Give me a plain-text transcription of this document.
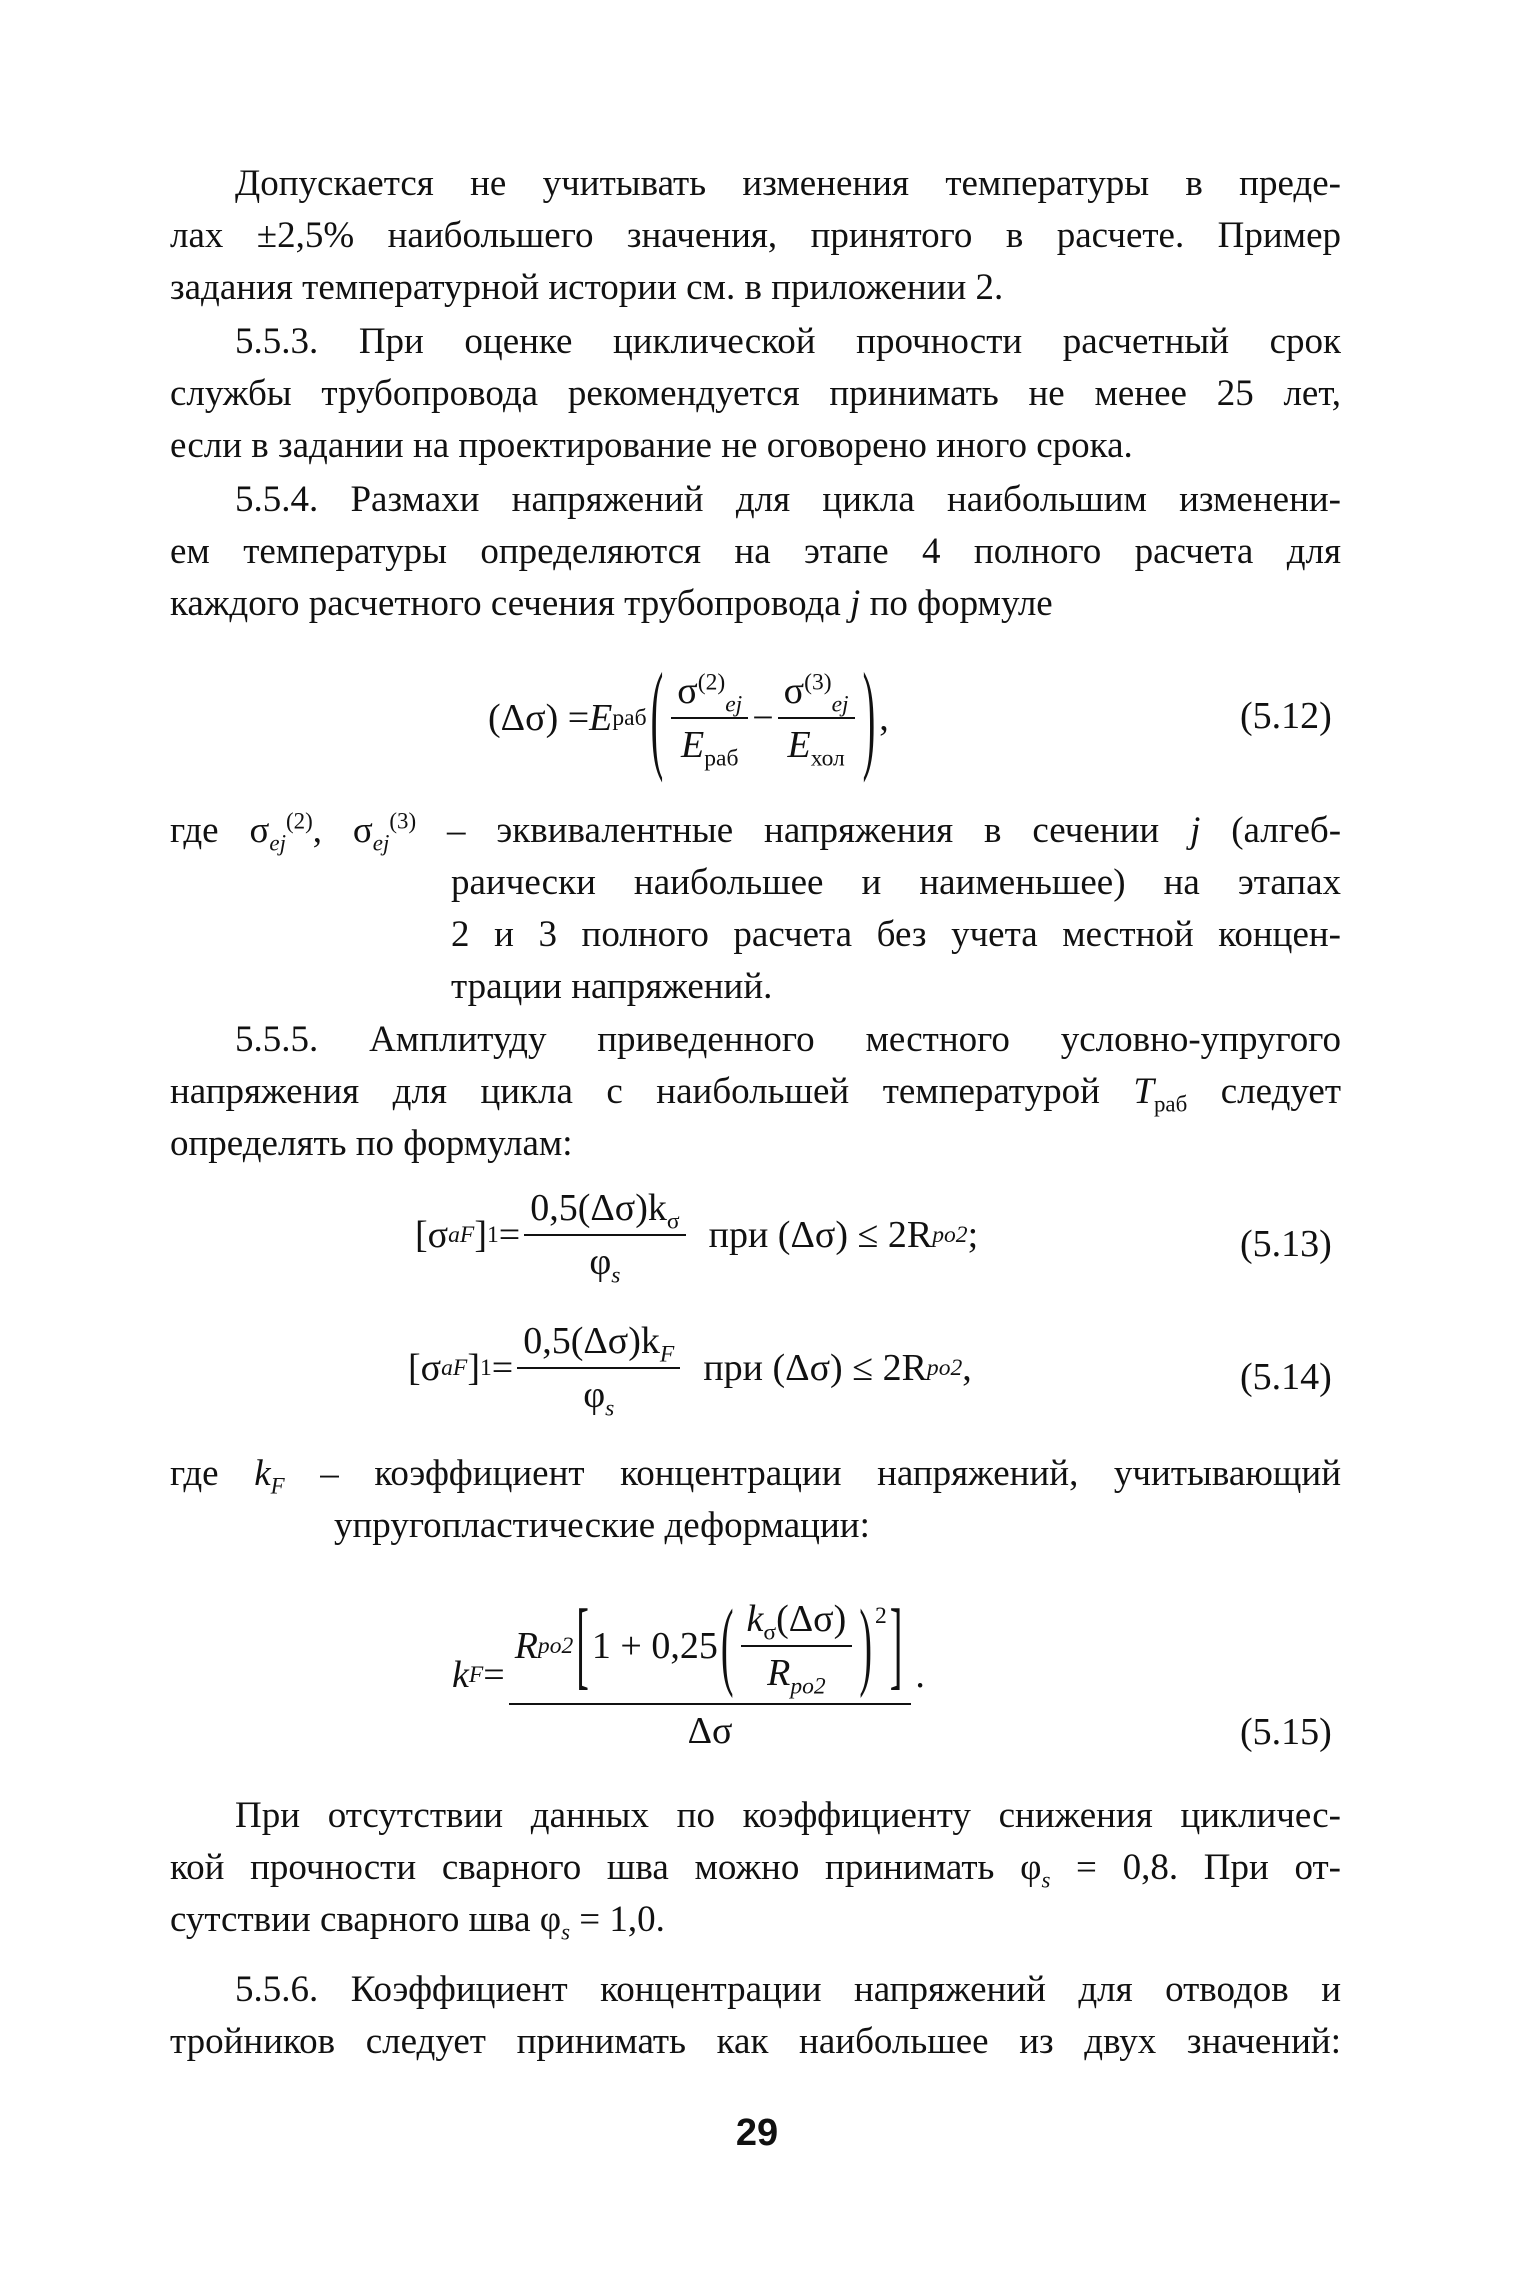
Допускается не учитывать изменения температуры в преде-
лах ±2,5% наибольшего значения, принятого в расчете. Пример
задания температурной истории см. в приложении 2.
5.5.3. При оценке циклической прочности расчетный срок
службы трубопровода рекомендуется принимать не менее 25 лет,
если в задании на проектирование не оговорено иного срока.
5.5.4. Размахи напряжений для цикла наибольшим изменени-
ем температуры определяются на этапе 4 полного расчета для
каждого расчетного сечения трубопровода j по формуле
(Δσ) = E раб ( $\frac{\sigma^{(2)}_{ej}}{E_{раб}} - \frac{\sigma^{(3)}_{ej}}{E_{хол}}$ ) ,	(5.12)
где $\sigma_{ej}^{(2)}$, $\sigma_{ej}^{(3)}$ – эквивалентные напряжения в сечении j (алгеб-
раически наибольшее и наименьшее) на этапах
2 и 3 полного расчета без учета местной концен-
трации напряжений.
5.5.5. Амплитуду приведенного местного условно-упругого
напряжения для цикла с наибольшей температурой $T_{раб}$ следует
определять по формулам:
[σ aF ] $1 = \frac{0,5(\Delta\sigma)k_\sigma}{\varphi_s}$
при (Δσ) ≤ 2R po2 ;	(5.13)
[σ aF ] $1 = \frac{0,5(\Delta\sigma)k_F}{\varphi_s}$
при (Δσ) ≤ 2R po2 ,	(5.14)
где $k_F$ – коэффициент концентрации напряжений, учитывающий
упругопластические деформации:
k F =
R po2 [ 1 + 0,25 ( $\frac{k_\sigma(\Delta\sigma)}{R_{po2}} )^2$ ]
Δσ
.
(5.15)
При отсутствии данных по коэффициенту снижения цикличес-
кой прочности сварного шва можно принимать $\varphi_s = 0,8$. При от-
сутствии сварного шва $\varphi_s = 1,0$.
5.5.6. Коэффициент концентрации напряжений для отводов и
тройников следует принимать как наибольшее из двух значений:
29
